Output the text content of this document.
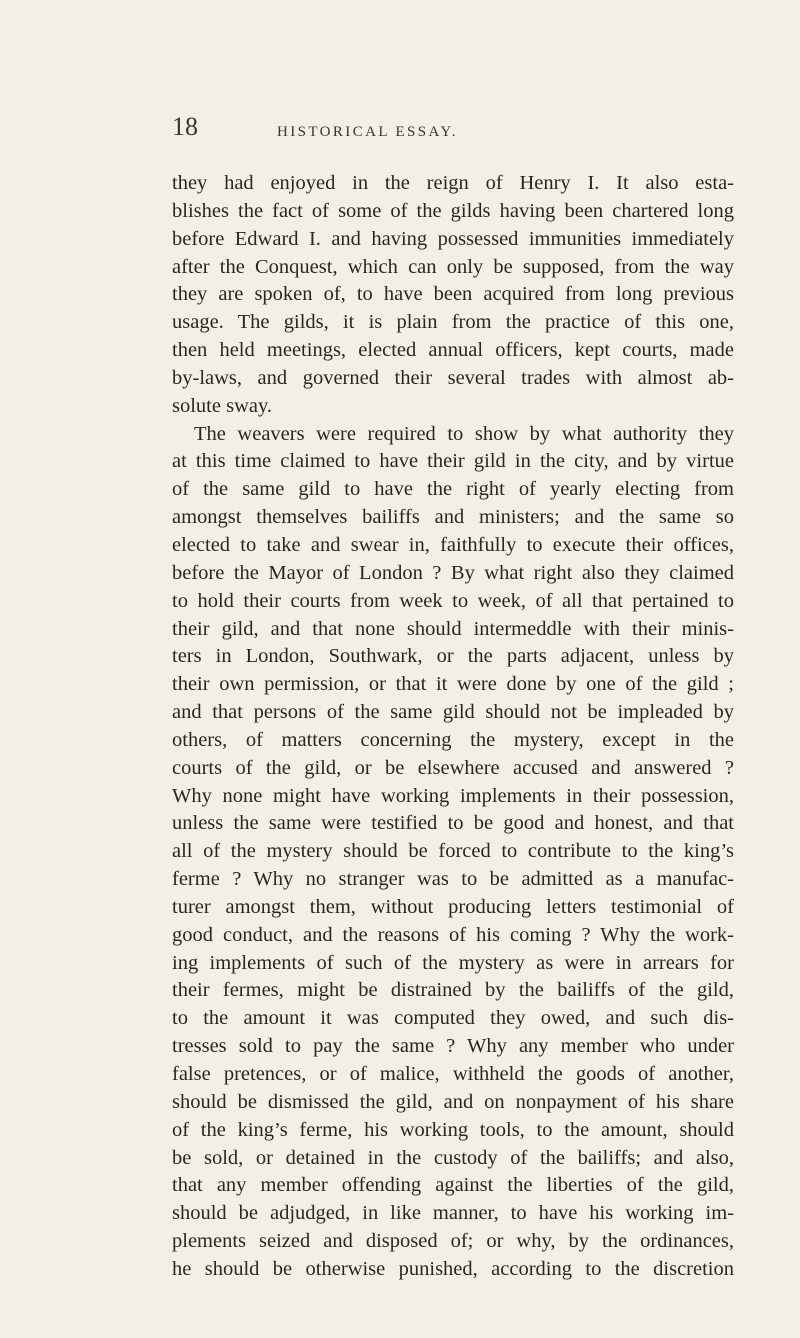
18	HISTORICAL ESSAY.
they had enjoyed in the reign of Henry I. It also esta-
blishes the fact of some of the gilds having been chartered long
before Edward I. and having possessed immunities immediately
after the Conquest, which can only be supposed, from the way
they are spoken of, to have been acquired from long previous
usage. The gilds, it is plain from the practice of this one,
then held meetings, elected annual officers, kept courts, made
by-laws, and governed their several trades with almost ab-
solute sway.
The weavers were required to show by what authority they
at this time claimed to have their gild in the city, and by virtue
of the same gild to have the right of yearly electing from
amongst themselves bailiffs and ministers; and the same so
elected to take and swear in, faithfully to execute their offices,
before the Mayor of London ? By what right also they claimed
to hold their courts from week to week, of all that pertained to
their gild, and that none should intermeddle with their minis-
ters in London, Southwark, or the parts adjacent, unless by
their own permission, or that it were done by one of the gild ;
and that persons of the same gild should not be impleaded by
others, of matters concerning the mystery, except in the
courts of the gild, or be elsewhere accused and answered ?
Why none might have working implements in their possession,
unless the same were testified to be good and honest, and that
all of the mystery should be forced to contribute to the king’s
ferme ? Why no stranger was to be admitted as a manufac-
turer amongst them, without producing letters testimonial of
good conduct, and the reasons of his coming ? Why the work-
ing implements of such of the mystery as were in arrears for
their fermes, might be distrained by the bailiffs of the gild,
to the amount it was computed they owed, and such dis-
tresses sold to pay the same ? Why any member who under
false pretences, or of malice, withheld the goods of another,
should be dismissed the gild, and on nonpayment of his share
of the king’s ferme, his working tools, to the amount, should
be sold, or detained in the custody of the bailiffs; and also,
that any member offending against the liberties of the gild,
should be adjudged, in like manner, to have his working im-
plements seized and disposed of; or why, by the ordinances,
he should be otherwise punished, according to the discretion
